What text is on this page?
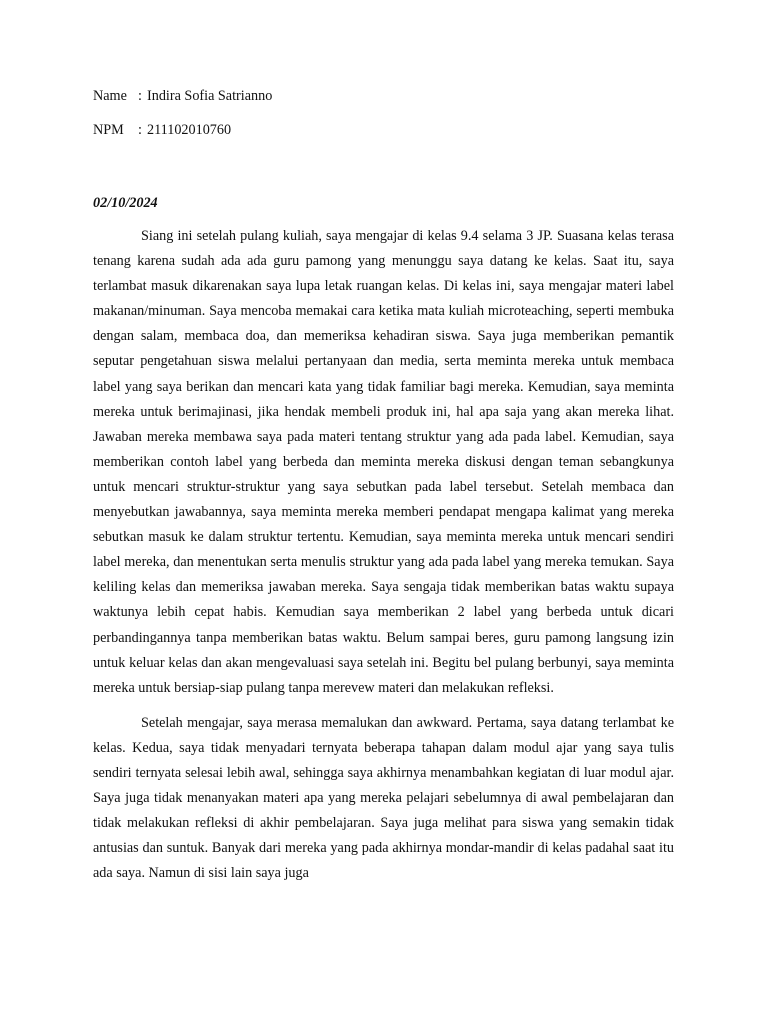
Name : Indira Sofia Satrianno
NPM	: 211102010760
02/10/2024

Siang ini setelah pulang kuliah, saya mengajar di kelas 9.4 selama 3 JP. Suasana kelas terasa tenang karena sudah ada ada guru pamong yang menunggu saya datang ke kelas. Saat itu, saya terlambat masuk dikarenakan saya lupa letak ruangan kelas. Di kelas ini, saya mengajar materi label makanan/minuman. Saya mencoba memakai cara ketika mata kuliah microteaching, seperti membuka dengan salam, membaca doa, dan memeriksa kehadiran siswa. Saya juga memberikan pemantik seputar pengetahuan siswa melalui pertanyaan dan media, serta meminta mereka untuk membaca label yang saya berikan dan mencari kata yang tidak familiar bagi mereka. Kemudian, saya meminta mereka untuk berimajinasi, jika hendak membeli produk ini, hal apa saja yang akan mereka lihat. Jawaban mereka membawa saya pada materi tentang struktur yang ada pada label. Kemudian, saya memberikan contoh label yang berbeda dan meminta mereka diskusi dengan teman sebangkunya untuk mencari struktur-struktur yang saya sebutkan pada label tersebut. Setelah membaca dan menyebutkan jawabannya, saya meminta mereka memberi pendapat mengapa kalimat yang mereka sebutkan masuk ke dalam struktur tertentu. Kemudian, saya meminta mereka untuk mencari sendiri label mereka, dan menentukan serta menulis struktur yang ada pada label yang mereka temukan. Saya keliling kelas dan memeriksa jawaban mereka. Saya sengaja tidak memberikan batas waktu supaya waktunya lebih cepat habis. Kemudian saya memberikan 2 label yang berbeda untuk dicari perbandingannya tanpa memberikan batas waktu. Belum sampai beres, guru pamong langsung izin untuk keluar kelas dan akan mengevaluasi saya setelah ini. Begitu bel pulang berbunyi, saya meminta mereka untuk bersiap-siap pulang tanpa merevew materi dan melakukan refleksi.

Setelah mengajar, saya merasa memalukan dan awkward. Pertama, saya datang terlambat ke kelas. Kedua, saya tidak menyadari ternyata beberapa tahapan dalam modul ajar yang saya tulis sendiri ternyata selesai lebih awal, sehingga saya akhirnya menambahkan kegiatan di luar modul ajar. Saya juga tidak menanyakan materi apa yang mereka pelajari sebelumnya di awal pembelajaran dan tidak melakukan refleksi di akhir pembelajaran. Saya juga melihat para siswa yang semakin tidak antusias dan suntuk. Banyak dari mereka yang pada akhirnya mondar-mandir di kelas padahal saat itu ada saya. Namun di sisi lain saya juga
